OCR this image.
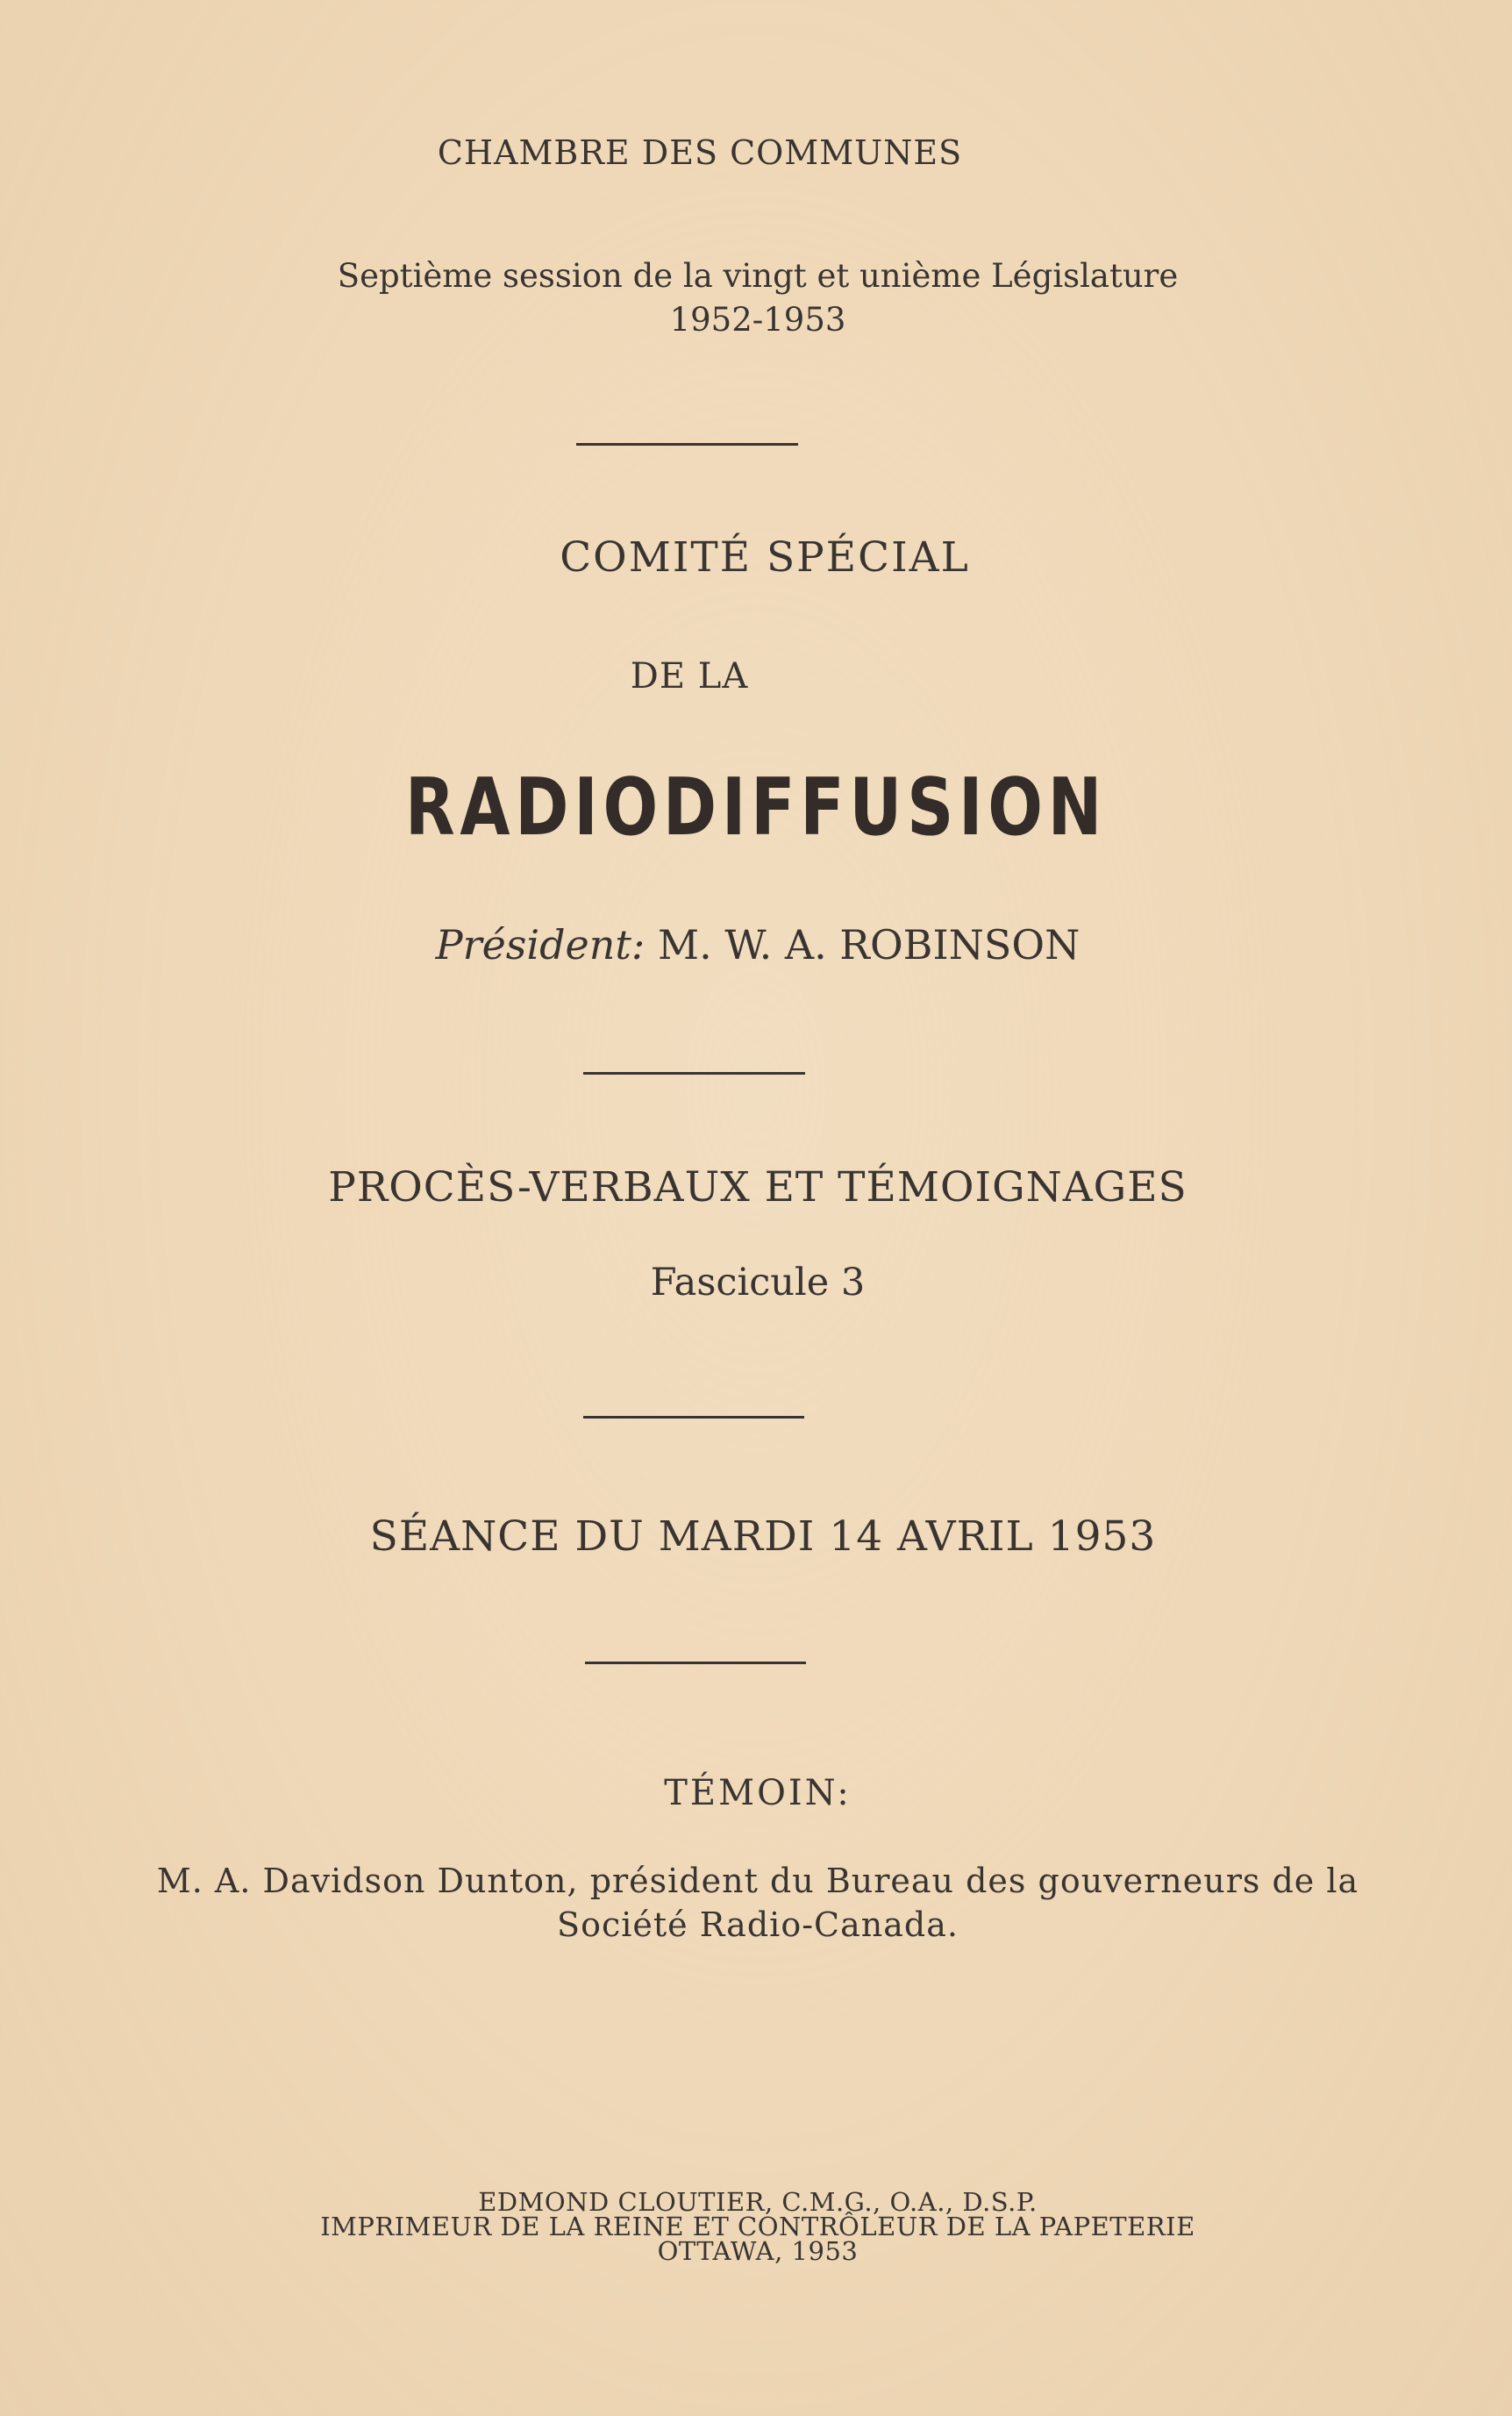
CHAMBRE DES COMMUNES

Septième session de la vingt et unième Législature

1952-1953

COMITÉ SPÉCIAL

DE LA

RADIODIFFUSION

Président: M. W. A. ROBINSON

PROCÈS-VERBAUX ET TÉMOIGNAGES

Fascicule 3

SÉANCE DU MARDI 14 AVRIL 1953

TÉMOIN:

M. A. Davidson Dunton, président du Bureau des gouverneurs de la

Société Radio-Canada.

EDMOND CLOUTIER, C.M.G., O.A., D.S.P.

IMPRIMEUR DE LA REINE ET CONTRÔLEUR DE LA PAPETERIE

OTTAWA, 1953
